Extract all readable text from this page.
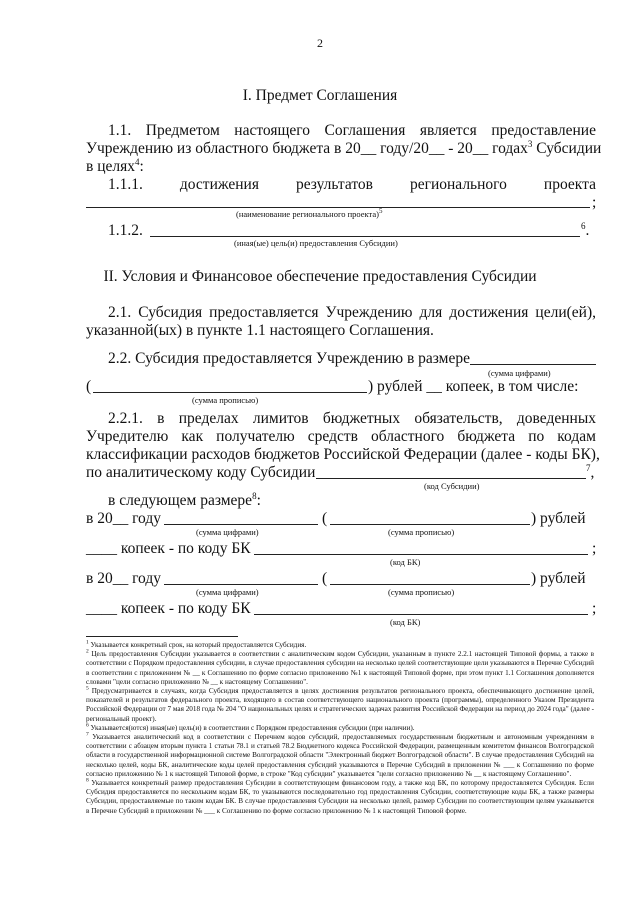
2
I. Предмет Соглашения
1.1. Предметом настоящего Соглашения является предоставление
Учреждению из областного бюджета в 20__ году/20__ - 20__ годах$^3$ Субсидии
в целях$^4$:
1.1.1. достижения результатов регионального проекта
;
(наименование регионального проекта)$^5$
1.1.2.	$^6$.
(иная(ые) цель(и) предоставления Субсидии)
II. Условия и Финансовое обеспечение предоставления Субсидии
2.1. Субсидия предоставляется Учреждению для достижения цели(ей),
указанной(ых) в пункте 1.1 настоящего Соглашения.
2.2. Субсидия предоставляется Учреждению в размере
(сумма цифрами)
(	) рублей __ копеек, в том числе:
(сумма прописью)
2.2.1. в пределах лимитов бюджетных обязательств, доведенных
Учредителю как получателю средств областного бюджета по кодам
классификации расходов бюджетов Российской Федерации (далее - коды БК),
по аналитическому коду Субсидии	$^7$,
(код Субсидии)
в следующем размере$^8$:
в 20__ году	(	) рублей
(сумма цифрами)	(сумма прописью)
____ копеек - по коду БК	;
(код БК)
в 20__ году	(	) рублей
(сумма цифрами)	(сумма прописью)
____ копеек - по коду БК	;
(код БК)

$^1$ Указывается конкретный срок, на который предоставляется Субсидия.

$^2$ Цель предоставления Субсидии указывается в соответствии с аналитическим кодом Субсидии, указанным в пункте 2.2.1 настоящей Типовой формы, а также в соответствии с Порядком предоставления субсидии, в случае предоставления субсидии на несколько целей соответствующие цели указываются в Перечне Субсидий в соответствии с приложением № __ к Соглашению по форме согласно приложению №1 к настоящей Типовой форме, при этом пункт 1.1 Соглашения дополняется словами "цели согласно приложению № __ к настоящему Соглашению".

$^5$ Предусматривается в случаях, когда Субсидия предоставляется в целях достижения результатов регионального проекта, обеспечивающего достижение целей, показателей и результатов федерального проекта, входящего в состав соответствующего национального проекта (программы), определенного Указом Президента Российской Федерации от 7 мая 2018 года № 204 "О национальных целях и стратегических задачах развития Российской Федерации на период до 2024 года" (далее - региональный проект).

$^6$ Указывается(ются) иная(ые) цель(и) в соответствии с Порядком предоставления субсидии (при наличии).

$^7$ Указывается аналитический код в соответствии с Перечнем кодов субсидий, предоставляемых государственным бюджетным и автономным учреждениям в соответствии с абзацем вторым пункта 1 статьи 78.1 и статьей 78.2 Бюджетного кодекса Российской Федерации, размещенным комитетом финансов Волгоградской области в государственной информационной системе Волгоградской области "Электронный бюджет Волгоградской области". В случае предоставления Субсидий на несколько целей, коды БК, аналитические коды целей предоставления субсидий указываются в Перечне Субсидий в приложении № ___ к Соглашению по форме согласно приложению № 1 к настоящей Типовой форме, в строке "Код субсидии" указывается "цели согласно приложению № __ к настоящему Соглашению".

$^8$ Указывается конкретный размер предоставления Субсидии в соответствующем финансовом году, а также код БК, по которому предоставляется Субсидия. Если Субсидия предоставляется по нескольким кодам БК, то указываются последовательно год предоставления Субсидии, соответствующие коды БК, а также размеры Субсидии, предоставляемые по таким кодам БК. В случае предоставления Субсидии на несколько целей, размер Субсидии по соответствующим целям указывается в Перечне Субсидий в приложении № ___ к Соглашению по форме согласно приложению № 1 к настоящей Типовой форме.
